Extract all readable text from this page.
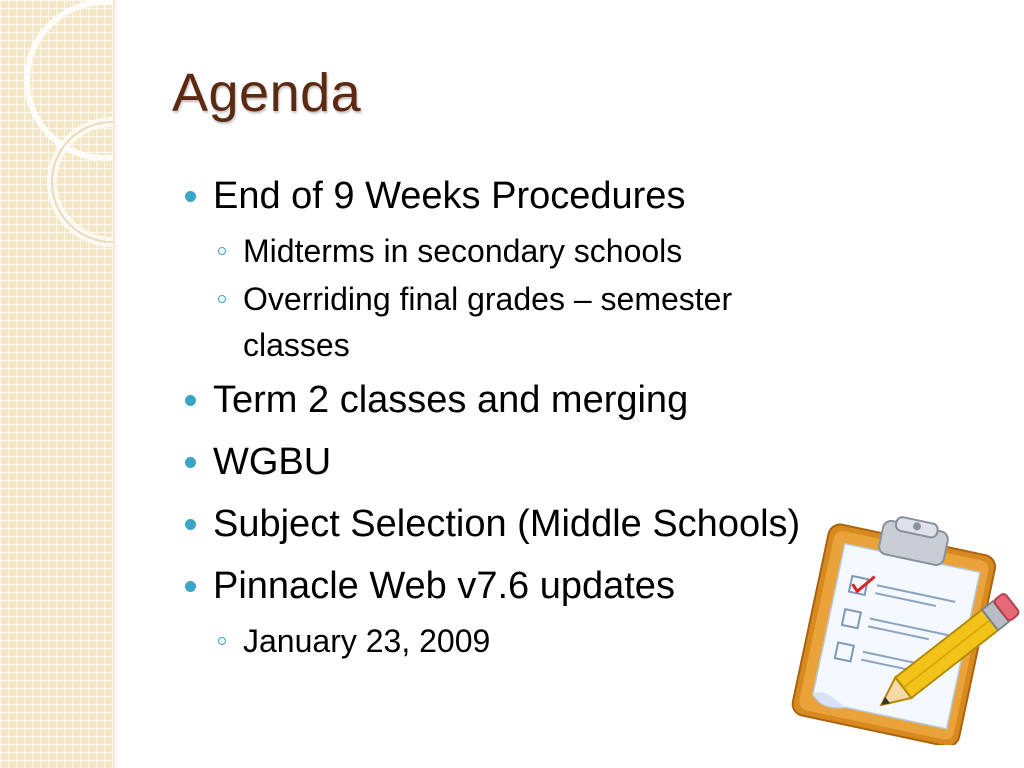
Agenda
End of 9 Weeks Procedures
Midterms in secondary schools
Overriding final grades – semester classes
Term 2 classes and merging
WGBU
Subject Selection (Middle Schools)
Pinnacle Web v7.6 updates
January 23, 2009
